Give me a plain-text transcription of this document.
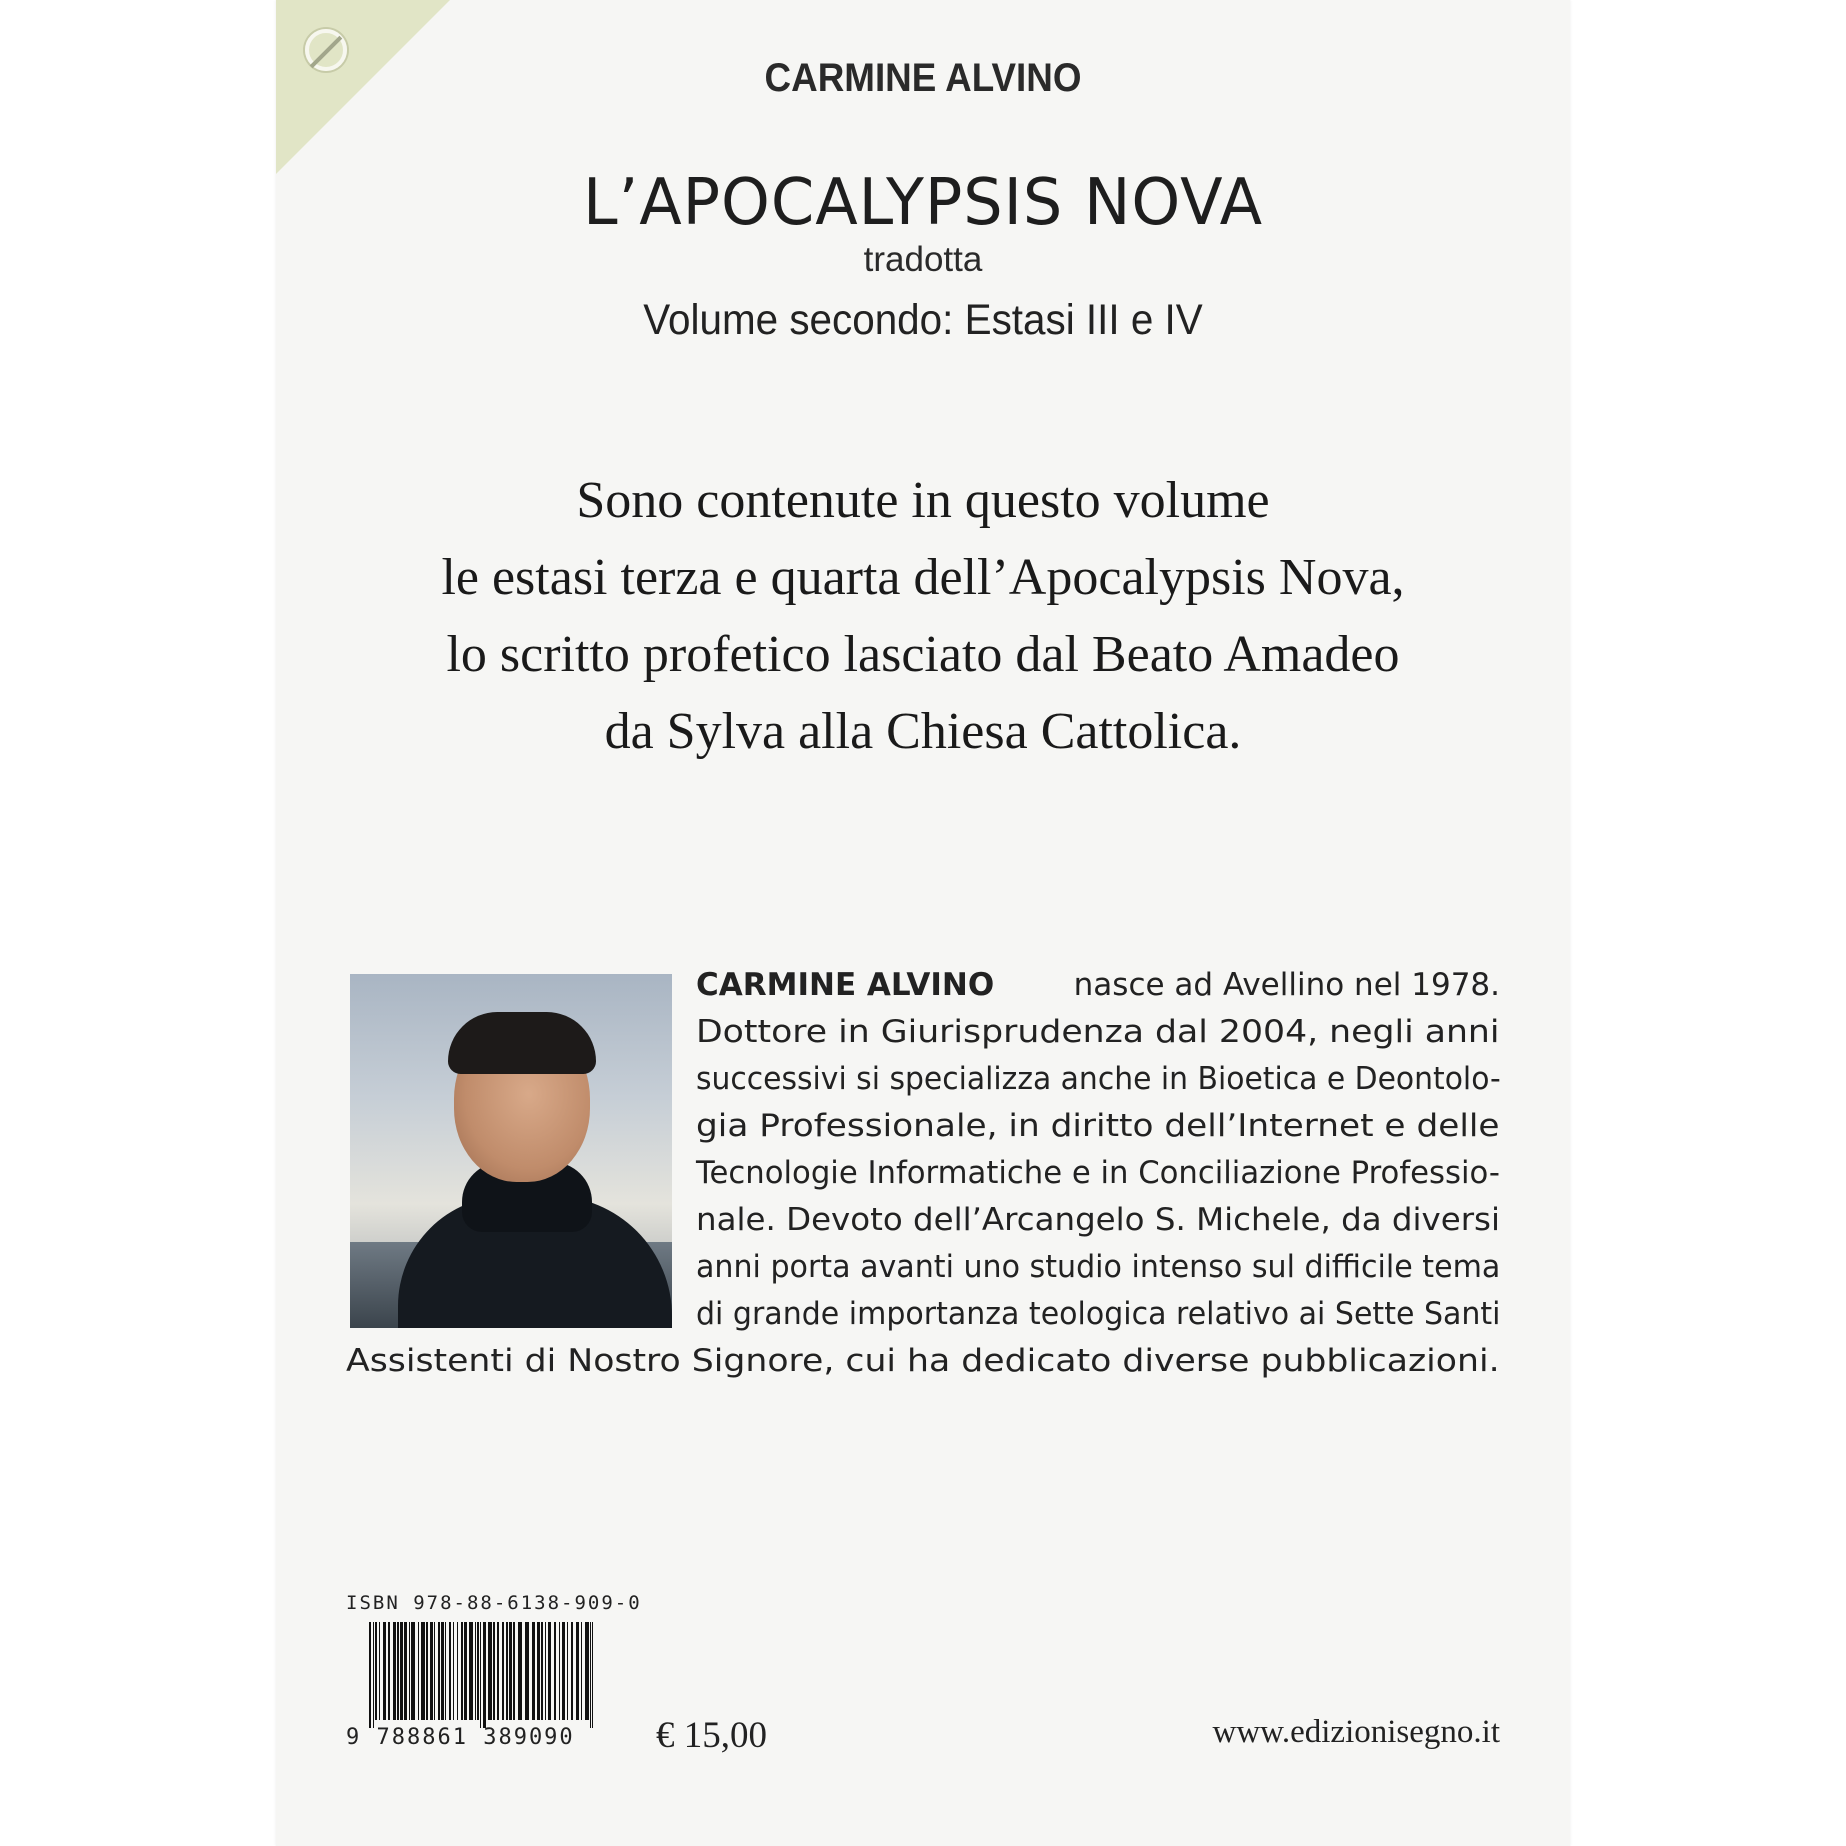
CARMINE ALVINO
L’APOCALYPSIS NOVA
tradotta
Volume secondo: Estasi III e IV
Sono contenute in questo volume
le estasi terza e quarta dell’Apocalypsis Nova,
lo scritto profetico lasciato dal Beato Amadeo
da Sylva alla Chiesa Cattolica.
CARMINE ALVINO nasce ad Avellino nel 1978.
Dottore in Giurisprudenza dal 2004, negli anni
successivi si specializza anche in Bioetica e Deontolo-
gia Professionale, in diritto dell’Internet e delle
Tecnologie Informatiche e in Conciliazione Professio-
nale. Devoto dell’Arcangelo S. Michele, da diversi
anni porta avanti uno studio intenso sul difficile tema
di grande importanza teologica relativo ai Sette Santi
Assistenti di Nostro Signore, cui ha dedicato diverse pubblicazioni.
ISBN 978-88-6138-909-0
9 788861 389090	€ 15,00	www.edizionisegno.it
